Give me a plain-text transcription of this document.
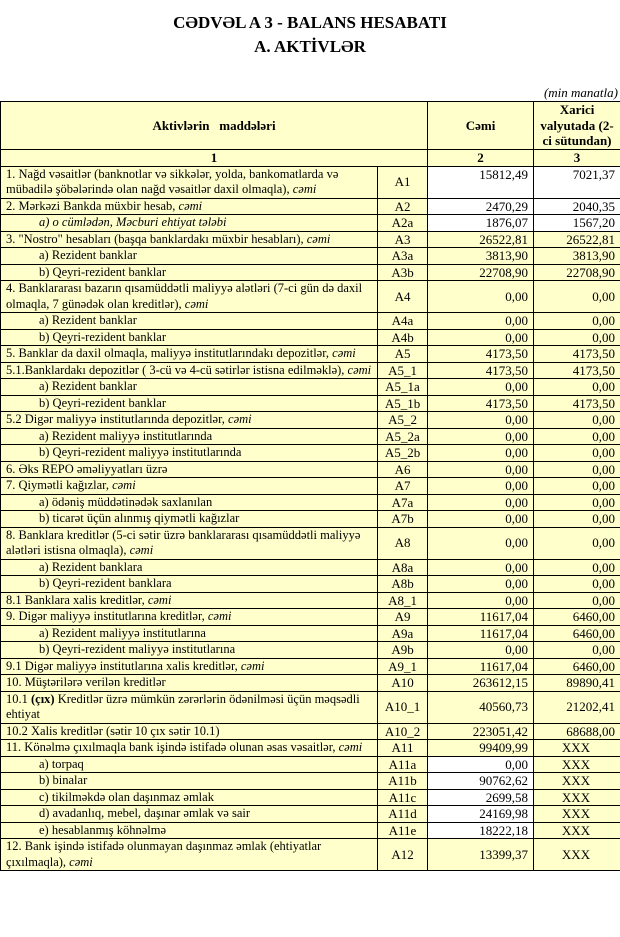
CƏDVƏL A 3 - BALANS HESABATI
A. AKTİVLƏR
(min manatla)
Aktivlərin   maddələri		Cəmi	Xarici valyutada (2-ci sütundan)
1		2	3
1. Nağd vəsaitlər (banknotlar və sikkələr, yolda, bankomatlarda və mübadilə şöbələrində olan nağd vəsaitlər daxil olmaqla), cəmi	A1	15812,49	7021,37
2. Mərkəzi Bankda müxbir hesab, cəmi	A2	2470,29	2040,35
a) o cümlədən, Məcburi ehtiyat tələbi	A2a	1876,07	1567,20
3. "Nostro" hesabları (başqa banklardakı müxbir hesabları), cəmi	A3	26522,81	26522,81
a) Rezident banklar	A3a	3813,90	3813,90
b) Qeyri-rezident banklar	A3b	22708,90	22708,90
4. Banklararası bazarın qısamüddətli maliyyə alətləri (7-ci gün də daxil olmaqla, 7 günədək olan kreditlər), cəmi	A4	0,00	0,00
a) Rezident banklar	A4a	0,00	0,00
b) Qeyri-rezident banklar	A4b	0,00	0,00
5. Banklar da daxil olmaqla, maliyyə institutlarındakı depozitlər, cəmi	A5	4173,50	4173,50
5.1.Banklardakı depozitlər ( 3-cü və 4-cü sətirlər istisna edilməklə), cəmi	A5_1	4173,50	4173,50
a) Rezident banklar	A5_1a	0,00	0,00
b) Qeyri-rezident banklar	A5_1b	4173,50	4173,50
5.2 Digər maliyyə institutlarında depozitlər, cəmi	A5_2	0,00	0,00
a) Rezident maliyyə institutlarında	A5_2a	0,00	0,00
b) Qeyri-rezident maliyyə institutlarında	A5_2b	0,00	0,00
6. Əks REPO əməliyyatları üzrə	A6	0,00	0,00
7. Qiymətli kağızlar, cəmi	A7	0,00	0,00
a) ödəniş müddətinədək saxlanılan	A7a	0,00	0,00
b) ticarət üçün alınmış qiymətli kağızlar	A7b	0,00	0,00
8. Banklara kreditlər (5-ci sətir üzrə banklararası qısamüddətli maliyyə alətləri istisna olmaqla), cəmi	A8	0,00	0,00
a) Rezident banklara	A8a	0,00	0,00
b) Qeyri-rezident banklara	A8b	0,00	0,00
8.1 Banklara xalis kreditlər, cəmi	A8_1	0,00	0,00
9. Digər maliyyə institutlarına kreditlər, cəmi	A9	11617,04	6460,00
a) Rezident maliyyə institutlarına	A9a	11617,04	6460,00
b) Qeyri-rezident maliyyə institutlarına	A9b	0,00	0,00
9.1 Digər maliyyə institutlarına xalis kreditlər, cəmi	A9_1	11617,04	6460,00
10. Müştərilərə verilən kreditlər	A10	263612,15	89890,41
10.1 (çıx) Kreditlər üzrə mümkün zərərlərin ödənilməsi üçün məqsədli ehtiyat	A10_1	40560,73	21202,41
10.2 Xalis kreditlər (sətir 10 çıx sətir 10.1)	A10_2	223051,42	68688,00
11. Könəlmə çıxılmaqla bank işində istifadə olunan əsas vəsaitlər, cəmi	A11	99409,99	XXX
a) torpaq	A11a	0,00	XXX
b) binalar	A11b	90762,62	XXX
c) tikilməkdə olan daşınmaz əmlak	A11c	2699,58	XXX
d) avadanlıq, mebel, daşınar əmlak və sair	A11d	24169,98	XXX
e) hesablanmış köhnəlmə	A11e	18222,18	XXX
12. Bank işində istifadə olunmayan daşınmaz əmlak (ehtiyatlar çıxılmaqla), cəmi	A12	13399,37	XXX
